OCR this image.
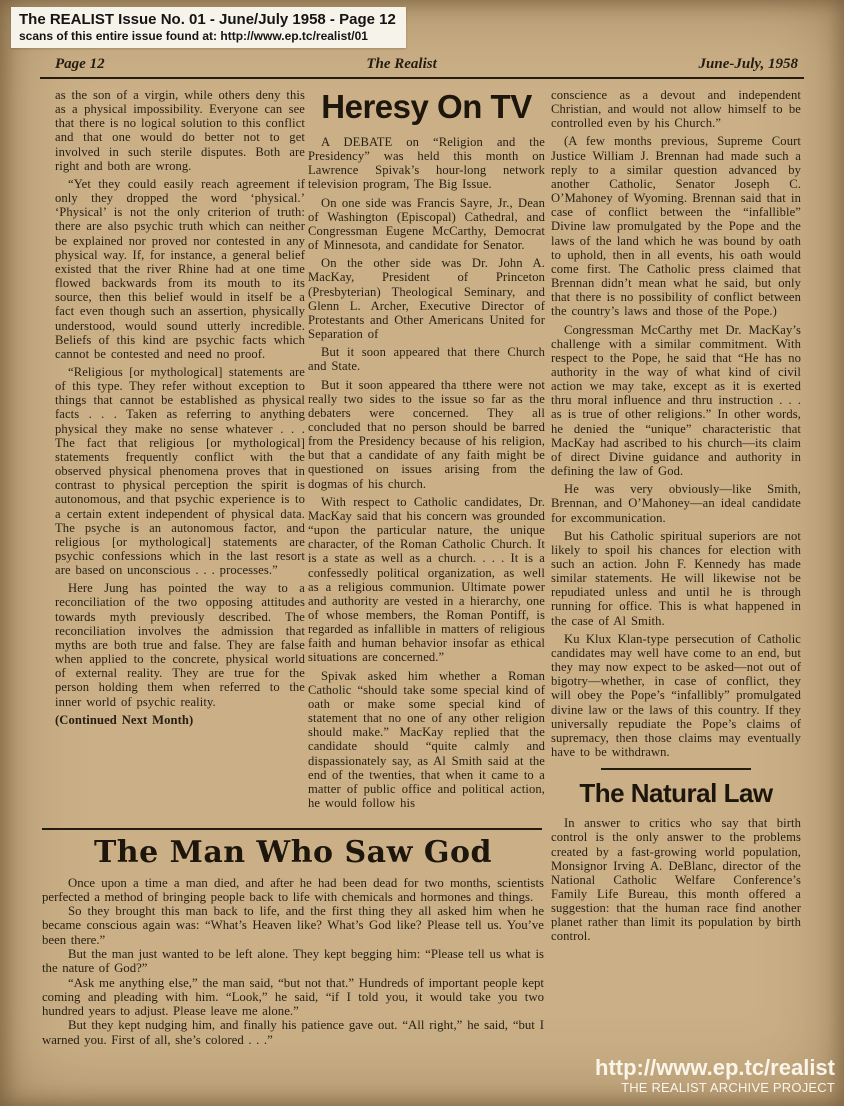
The REALIST Issue No. 01 - June/July 1958 - Page 12
scans of this entire issue found at: http://www.ep.tc/realist/01
Page 12	The Realist	June-July, 1958

as the son of a virgin, while others deny this as a physical impossibility. Everyone can see that there is no logical solution to this conflict and that one would do better not to get involved in such sterile disputes. Both are right and both are wrong.

“Yet they could easily reach agreement if only they dropped the word ‘physical.’ ‘Physical’ is not the only criterion of truth: there are also psychic truth which can neither be explained nor proved nor contested in any physical way. If, for instance, a general belief existed that the river Rhine had at one time flowed backwards from its mouth to its source, then this belief would in itself be a fact even though such an assertion, physically understood, would sound utterly incredible. Beliefs of this kind are psychic facts which cannot be contested and need no proof.

“Religious [or mythological] statements are of this type. They refer without exception to things that cannot be established as physical facts . . . Taken as referring to anything physical they make no sense whatever . . . The fact that religious [or mythological] statements frequently conflict with the observed physical phenomena proves that in contrast to physical perception the spirit is autonomous, and that psychic experience is to a certain extent independent of physical data. The psyche is an autonomous factor, and religious [or mythological] statements are psychic confessions which in the last resort are based on unconscious . . . processes.”

Here Jung has pointed the way to a reconciliation of the two opposing attitudes towards myth previously described. The reconciliation involves the admission that myths are both true and false. They are false when applied to the concrete, physical world of external reality. They are true for the person holding them when referred to the inner world of psychic reality.

(Continued Next Month)

Heresy On TV

A DEBATE on “Religion and the Presidency” was held this month on Lawrence Spivak’s hour-long network television program, The Big Issue.

On one side was Francis Sayre, Jr., Dean of Washington (Episcopal) Cathedral, and Congressman Eugene McCarthy, Democrat of Minnesota, and candidate for Senator.

On the other side was Dr. John A. MacKay, President of Princeton (Presbyterian) Theological Seminary, and Glenn L. Archer, Executive Director of Protestants and Other Americans United for Separation of

But it soon appeared that there Church and State.

But it soon appeared tha tthere were not really two sides to the issue so far as the debaters were concerned. They all concluded that no person should be barred from the Presidency because of his religion, but that a candidate of any faith might be questioned on issues arising from the dogmas of his church.

With respect to Catholic candidates, Dr. MacKay said that his concern was grounded “upon the particular nature, the unique character, of the Roman Catholic Church. It is a state as well as a church. . . . It is a confessedly political organization, as well as a religious communion. Ultimate power and authority are vested in a hierarchy, one of whose members, the Roman Pontiff, is regarded as infallible in matters of religious faith and human behavior insofar as ethical situations are concerned.”

Spivak asked him whether a Roman Catholic “should take some special kind of oath or make some special kind of statement that no one of any other religion should make.” MacKay replied that the candidate should “quite calmly and dispassionately say, as Al Smith said at the end of the twenties, that when it came to a matter of public office and political action, he would follow his

conscience as a devout and independent Christian, and would not allow himself to be controlled even by his Church.”

(A few months previous, Supreme Court Justice William J. Brennan had made such a reply to a similar question advanced by another Catholic, Senator Joseph C. O’Mahoney of Wyoming. Brennan said that in case of conflict between the “infallible” Divine law promulgated by the Pope and the laws of the land which he was bound by oath to uphold, then in all events, his oath would come first. The Catholic press claimed that Brennan didn’t mean what he said, but only that there is no possibility of conflict between the country’s laws and those of the Pope.)

Congressman McCarthy met Dr. MacKay’s challenge with a similar commitment. With respect to the Pope, he said that “He has no authority in the way of what kind of civil action we may take, except as it is exerted thru moral influence and thru instruction . . . as is true of other religions.” In other words, he denied the “unique” characteristic that MacKay had ascribed to his church—its claim of direct Divine guidance and authority in defining the law of God.

He was very obviously—like Smith, Brennan, and O’Mahoney—an ideal candidate for excommunication.

But his Catholic spiritual superiors are not likely to spoil his chances for election with such an action. John F. Kennedy has made similar statements. He will likewise not be repudiated unless and until he is through running for office. This is what happened in the case of Al Smith.

Ku Klux Klan-type persecution of Catholic candidates may well have come to an end, but they may now expect to be asked—not out of bigotry—whether, in case of conflict, they will obey the Pope’s “infallibly” promulgated divine law or the laws of this country. If they universally repudiate the Pope’s claims of supremacy, then those claims may eventually have to be withdrawn.

The Natural Law

In answer to critics who say that birth control is the only answer to the problems created by a fast-growing world population, Monsignor Irving A. DeBlanc, director of the National Catholic Welfare Conference’s Family Life Bureau, this month offered a suggestion: that the human race find another planet rather than limit its population by birth control.

The Man Who Saw God

Once upon a time a man died, and after he had been dead for two months, scientists perfected a method of bringing people back to life with chemicals and hormones and things.

So they brought this man back to life, and the first thing they all asked him when he became conscious again was: “What’s Heaven like? What’s God like? Please tell us. You’ve been there.”

But the man just wanted to be left alone. They kept begging him: “Please tell us what is the nature of God?”

“Ask me anything else,” the man said, “but not that.” Hundreds of important people kept coming and pleading with him. “Look,” he said, “if I told you, it would take you two hundred years to adjust. Please leave me alone.”

But they kept nudging him, and finally his patience gave out. “All right,” he said, “but I warned you. First of all, she’s colored . . .”

http://www.ep.tc/realist
THE REALIST ARCHIVE PROJECT
